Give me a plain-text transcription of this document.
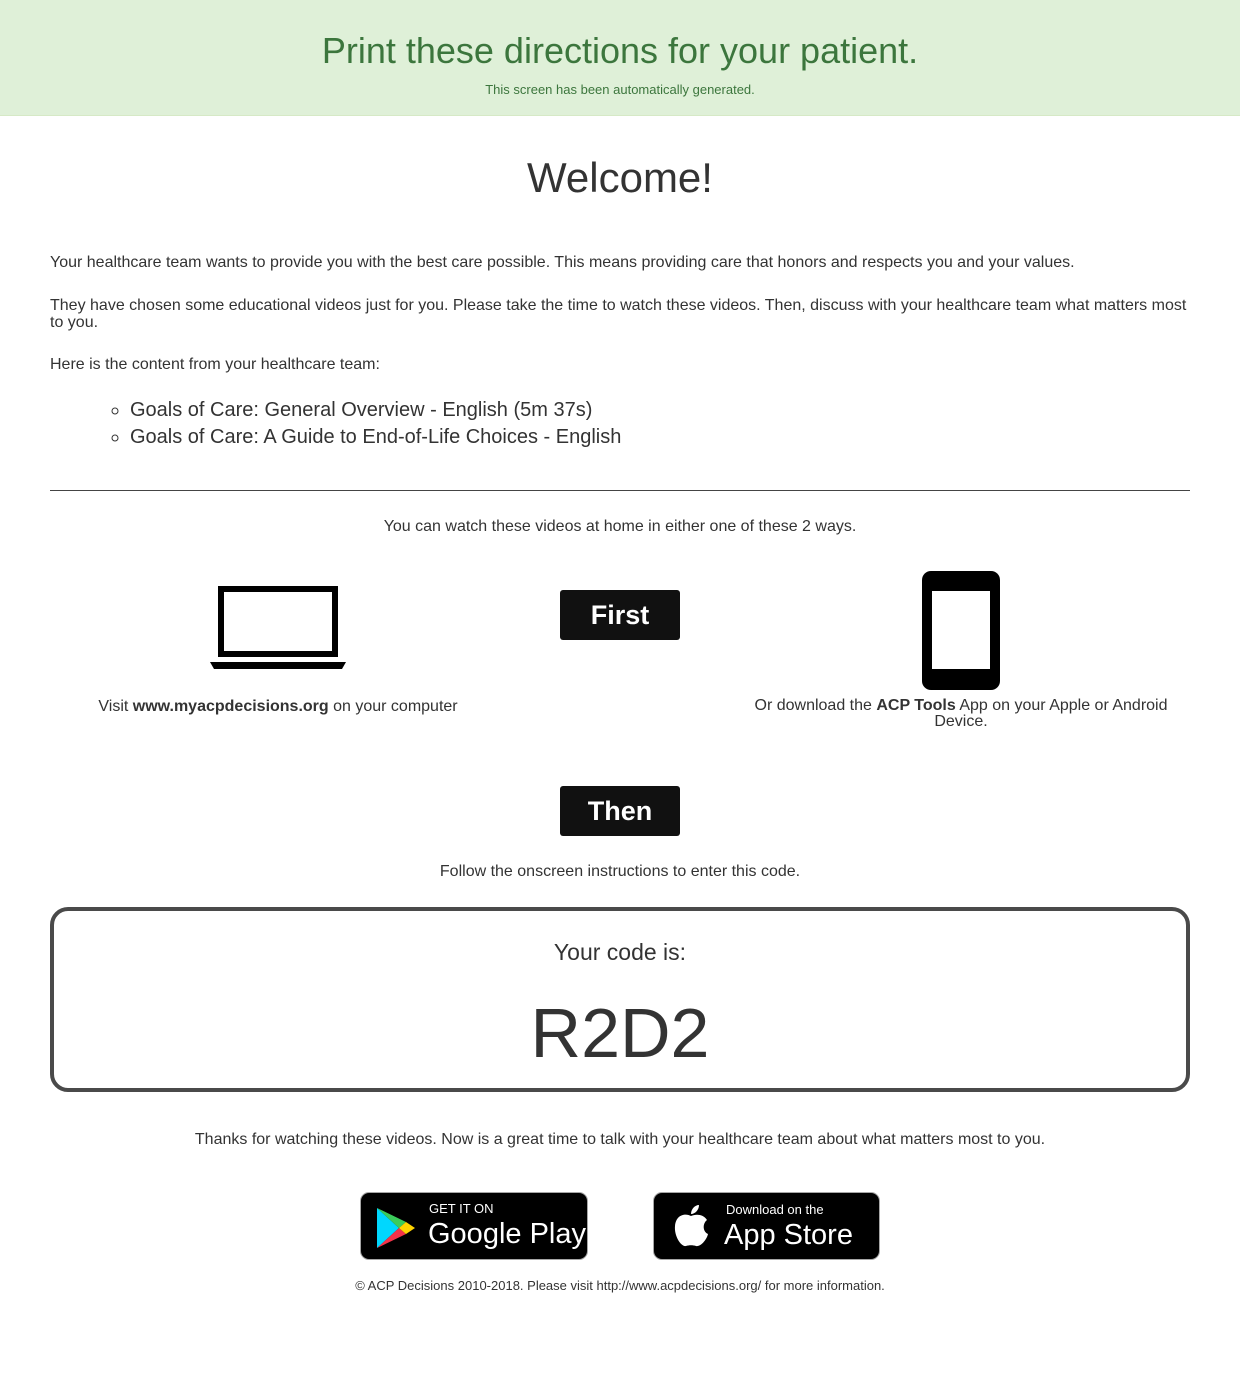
Print these directions for your patient.
This screen has been automatically generated.
Welcome!

Your healthcare team wants to provide you with the best care possible. This means providing care that honors and respects you and your values.

They have chosen some educational videos just for you. Please take the time to watch these videos. Then, discuss with your healthcare team what matters most to you.

Here is the content from your healthcare team:

◦ Goals of Care: General Overview - English (5m 37s)
◦ Goals of Care: A Guide to End-of-Life Choices - English

You can watch these videos at home in either one of these 2 ways.

First
Visit www.myacpdecisions.org on your computer	Or download the ACP Tools App on your Apple or Android Device.
Then

Follow the onscreen instructions to enter this code.

Your code is:
R2D2

Thanks for watching these videos. Now is a great time to talk with your healthcare team about what matters most to you.

GET IT ON
Google Play
Download on the
App Store
© ACP Decisions 2010-2018. Please visit http://www.acpdecisions.org/ for more information.
